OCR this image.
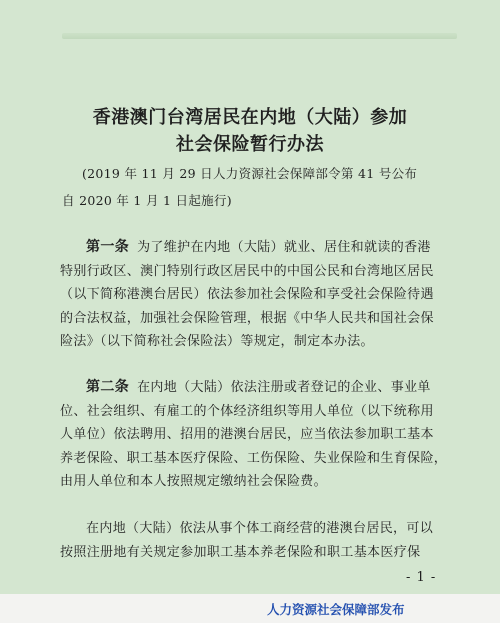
香港澳门台湾居民在内地（大陆）参加
社会保险暂行办法
(2019 年 11 月 29 日人力资源社会保障部令第 41 号公布
自 2020 年 1 月 1 日起施行)
第一条 为了维护在内地（大陆）就业、居住和就读的香港
特别行政区、澳门特别行政区居民中的中国公民和台湾地区居民
（以下简称港澳台居民）依法参加社会保险和享受社会保险待遇
的合法权益，加强社会保险管理，根据《中华人民共和国社会保
险法》（以下简称社会保险法）等规定，制定本办法。
第二条 在内地（大陆）依法注册或者登记的企业、事业单
位、社会组织、有雇工的个体经济组织等用人单位（以下统称用
人单位）依法聘用、招用的港澳台居民，应当依法参加职工基本
养老保险、职工基本医疗保险、工伤保险、失业保险和生育保险，
由用人单位和本人按照规定缴纳社会保险费。
在内地（大陆）依法从事个体工商经营的港澳台居民，可以
按照注册地有关规定参加职工基本养老保险和职工基本医疗保
- 1 -
人力资源社会保障部发布
